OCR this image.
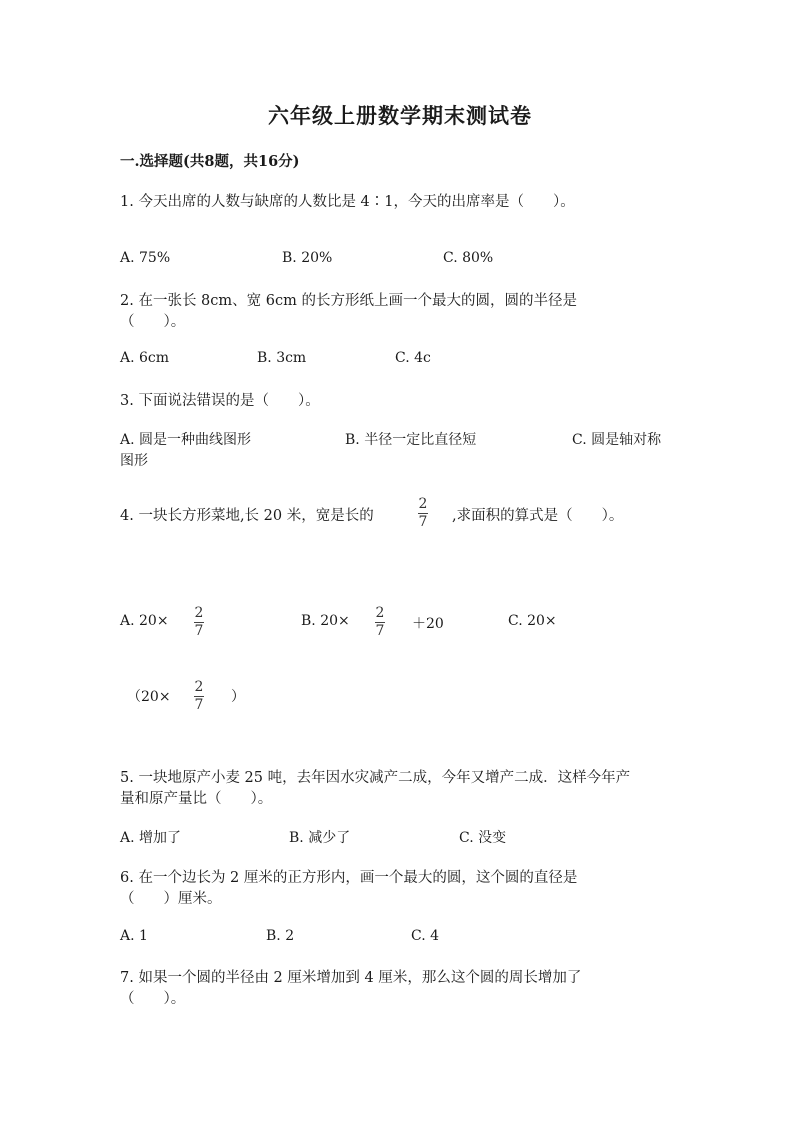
六年级上册数学期末测试卷
一.选择题(共8题，共16分)
1. 今天出席的人数与缺席的人数比是 4∶1，今天的出席率是（　　）。
A. 75%	B. 20%	C. 80%
2. 在一张长 8cm、宽 6cm 的长方形纸上画一个最大的圆，圆的半径是
（　　）。
A. 6cm	B. 3cm	C. 4c
3. 下面说法错误的是（　　）。
A. 圆是一种曲线图形	B. 半径一定比直径短	C. 圆是轴对称
图形
4. 一块长方形菜地,长 20 米，宽是长的
2
7 ,求面积的算式是（　　）。
A. 20× 2
7
B. 20× 2
7 ＋20	C. 20×
（20×
2
7 ）
5. 一块地原产小麦 25 吨，去年因水灾减产二成，今年又增产二成．这样今年产
量和原产量比（　　）。
A. 增加了	B. 减少了	C. 没变
6. 在一个边长为 2 厘米的正方形内，画一个最大的圆，这个圆的直径是
（　　）厘米。
A. 1	B. 2	C. 4
7. 如果一个圆的半径由 2 厘米增加到 4 厘米，那么这个圆的周长增加了
（　　）。
